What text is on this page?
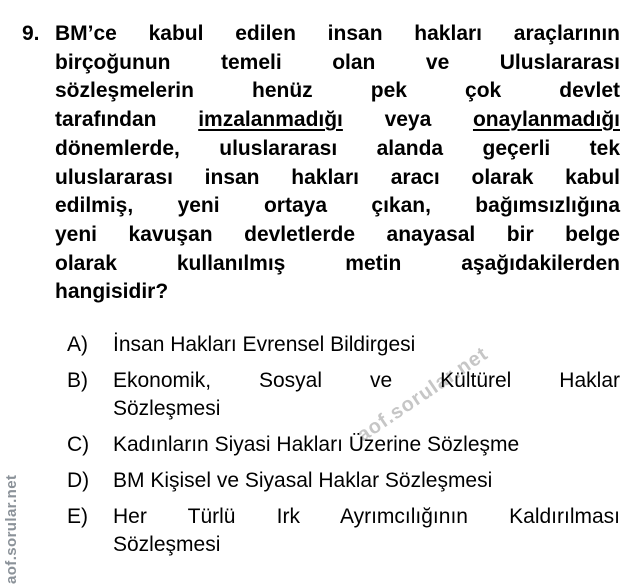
aof.sorular.net
aof.sorular.net
9. BM’ce kabul edilen insan hakları araçlarının
birçoğunun temeli olan ve Uluslararası
sözleşmelerin henüz pek çok devlet
tarafından imzalanmadığı veya onaylanmadığı
dönemlerde, uluslararası alanda geçerli tek
uluslararası insan hakları aracı olarak kabul
edilmiş, yeni ortaya çıkan, bağımsızlığına
yeni kavuşan devletlerde anayasal bir belge
olarak kullanılmış metin aşağıdakilerden
hangisidir?
A)	İnsan Hakları Evrensel Bildirgesi
B)	Ekonomik, Sosyal ve Kültürel Haklar
Sözleşmesi
C)	Kadınların Siyasi Hakları Üzerine Sözleşme
D)	BM Kişisel ve Siyasal Haklar Sözleşmesi
E)	Her Türlü Irk Ayrımcılığının Kaldırılması
Sözleşmesi
